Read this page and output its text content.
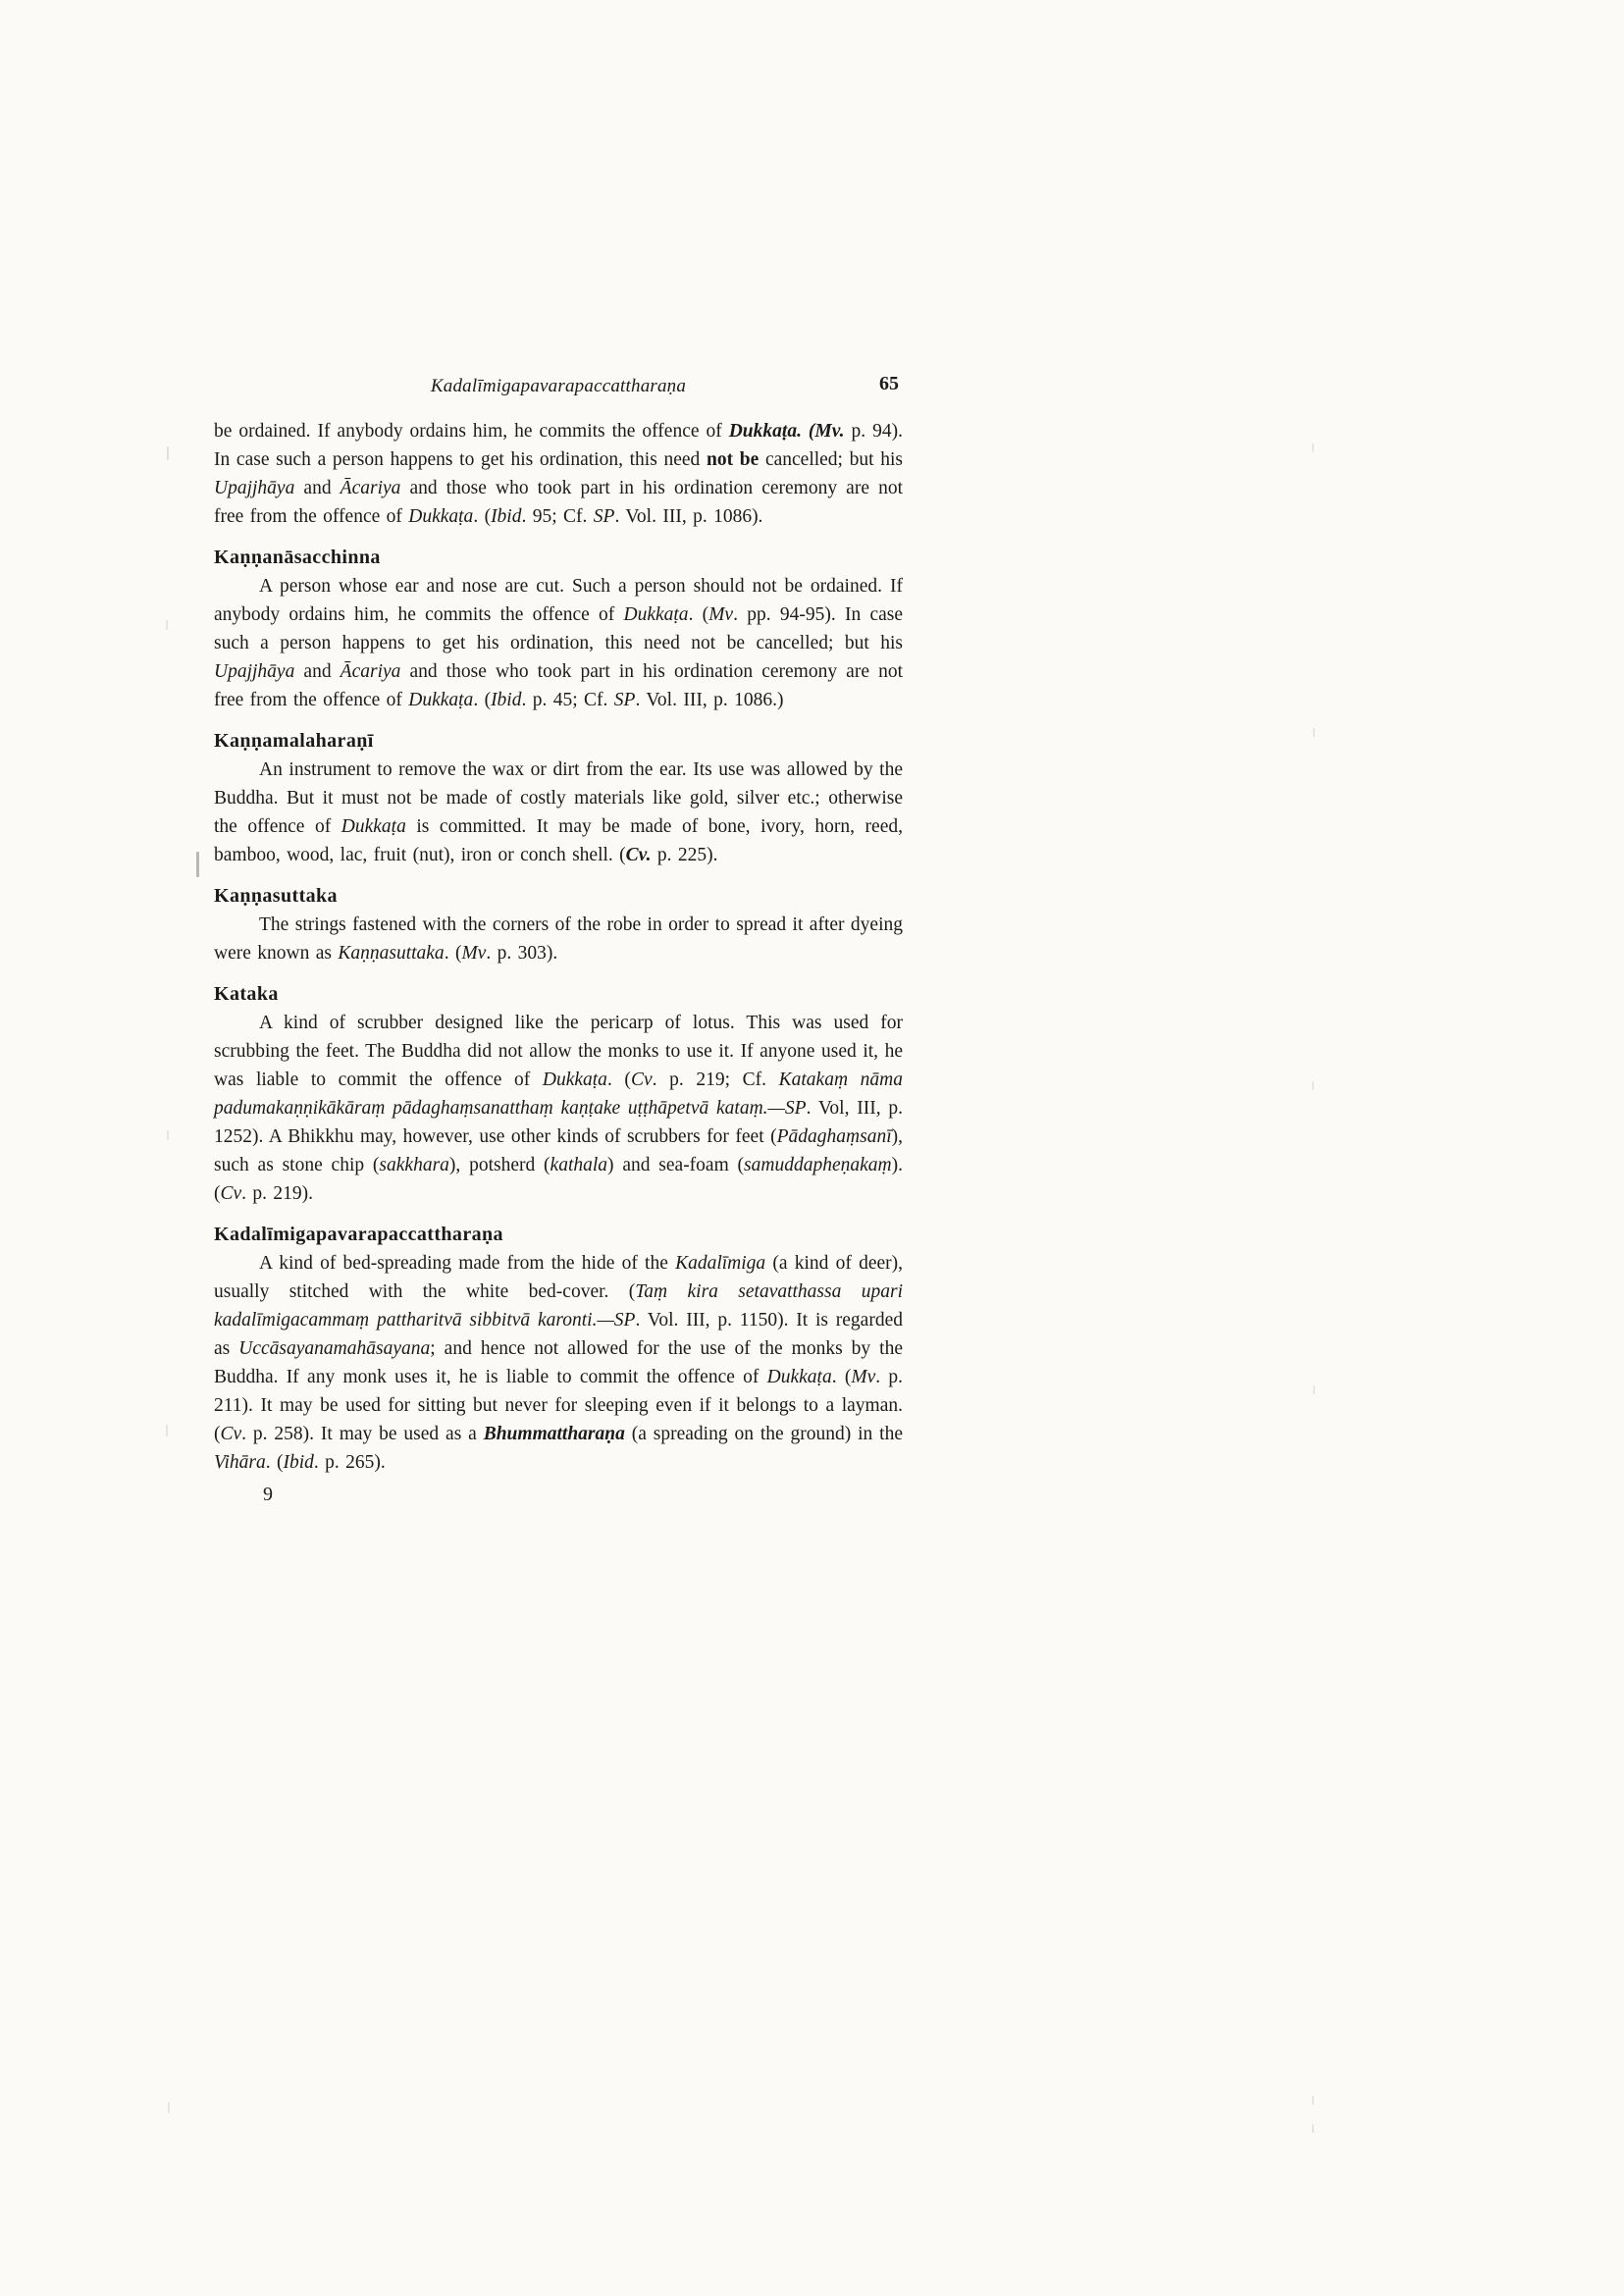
Kadalīmigapavarapaccattharaṇa	65

be ordained. If anybody ordains him, he commits the offence of Dukkaṭa. (Mv. p. 94). In case such a person happens to get his ordination, this need not be cancelled; but his Upajjhāya and Ācariya and those who took part in his ordination ceremony are not free from the offence of Dukkaṭa. (Ibid. 95; Cf. SP. Vol. III, p. 1086).

Kaṇṇanāsacchinna

A person whose ear and nose are cut. Such a person should not be ordained. If anybody ordains him, he commits the offence of Dukkaṭa. (Mv. pp. 94-95). In case such a person happens to get his ordination, this need not be cancelled; but his Upajjhāya and Ācariya and those who took part in his ordination ceremony are not free from the offence of Dukkaṭa. (Ibid. p. 45; Cf. SP. Vol. III, p. 1086.)

Kaṇṇamalaharaṇī

An instrument to remove the wax or dirt from the ear. Its use was allowed by the Buddha. But it must not be made of costly materials like gold, silver etc.; otherwise the offence of Dukkaṭa is committed. It may be made of bone, ivory, horn, reed, bamboo, wood, lac, fruit (nut), iron or conch shell. (Cv. p. 225).

Kaṇṇasuttaka

The strings fastened with the corners of the robe in order to spread it after dyeing were known as Kaṇṇasuttaka. (Mv. p. 303).

Kataka

A kind of scrubber designed like the pericarp of lotus. This was used for scrubbing the feet. The Buddha did not allow the monks to use it. If anyone used it, he was liable to commit the offence of Dukkaṭa. (Cv. p. 219; Cf. Katakaṃ nāma padumakaṇṇikākāraṃ pādaghaṃsanatthaṃ kaṇṭake uṭṭhāpetvā kataṃ.—SP. Vol, III, p. 1252). A Bhikkhu may, however, use other kinds of scrubbers for feet (Pādaghaṃsanī), such as stone chip (sakkhara), potsherd (kathala) and sea-foam (samuddapheṇakaṃ). (Cv. p. 219).

Kadalīmigapavarapaccattharaṇa

A kind of bed-spreading made from the hide of the Kadalīmiga (a kind of deer), usually stitched with the white bed-cover. (Taṃ kira setavatthassa upari kadalīmigacammaṃ pattharitvā sibbitvā karonti.—SP. Vol. III, p. 1150). It is regarded as Uccāsayanamahāsayana; and hence not allowed for the use of the monks by the Buddha. If any monk uses it, he is liable to commit the offence of Dukkaṭa. (Mv. p. 211). It may be used for sitting but never for sleeping even if it belongs to a layman. (Cv. p. 258). It may be used as a Bhummattharaṇa (a spreading on the ground) in the Vihāra. (Ibid. p. 265).

9
